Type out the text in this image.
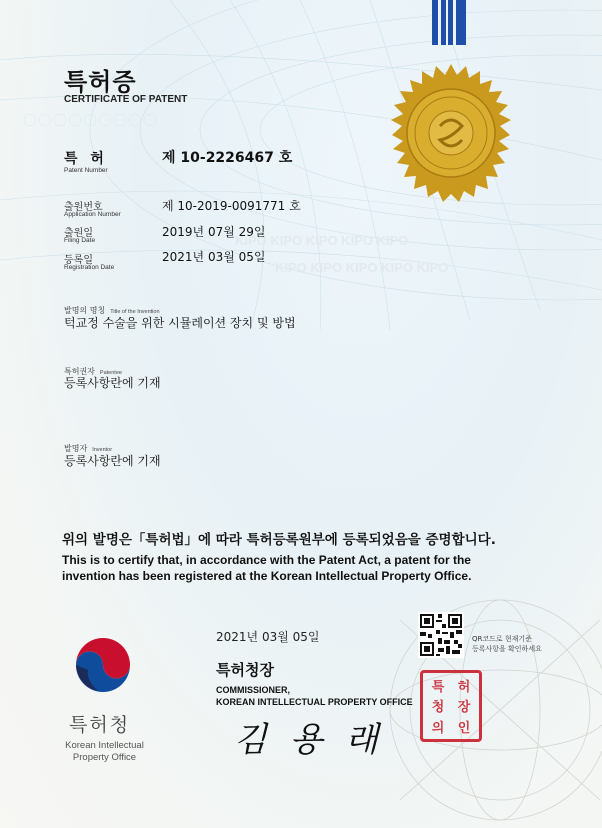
KIPO KIPO KIPO KIPO KIPO
KIPO KIPO KIPO KIPO KIPO
특허증
CERTIFICATE OF PATENT
특 허
Patent Number
제 10-2226467 호
출원번호
Application Number
제 10-2019-0091771 호
출원일
Filing Date
2019년 07월 29일
등록일
Registration Date
2021년 03월 05일
발명의 명칭 Title of the Invention
턱교정 수술을 위한 시뮬레이션 장치 및 방법
특허권자 Patentee
등록사항란에 기재
발명자 Inventor
등록사항란에 기재
위의 발명은「특허법」에 따라 특허등록원부에 등록되었음을 증명합니다.
This is to certify that, in accordance with the Patent Act, a patent for the
invention has been registered at the Korean Intellectual Property Office.
특허청
Korean Intellectual
Property Office
2021년 03월 05일
특허청장
COMMISSIONER,
KOREAN INTELLECTUAL PROPERTY OFFICE
김 용 래
QR코드로 현재기준
등록사항을 확인하세요
특 허
청 장
의 인
